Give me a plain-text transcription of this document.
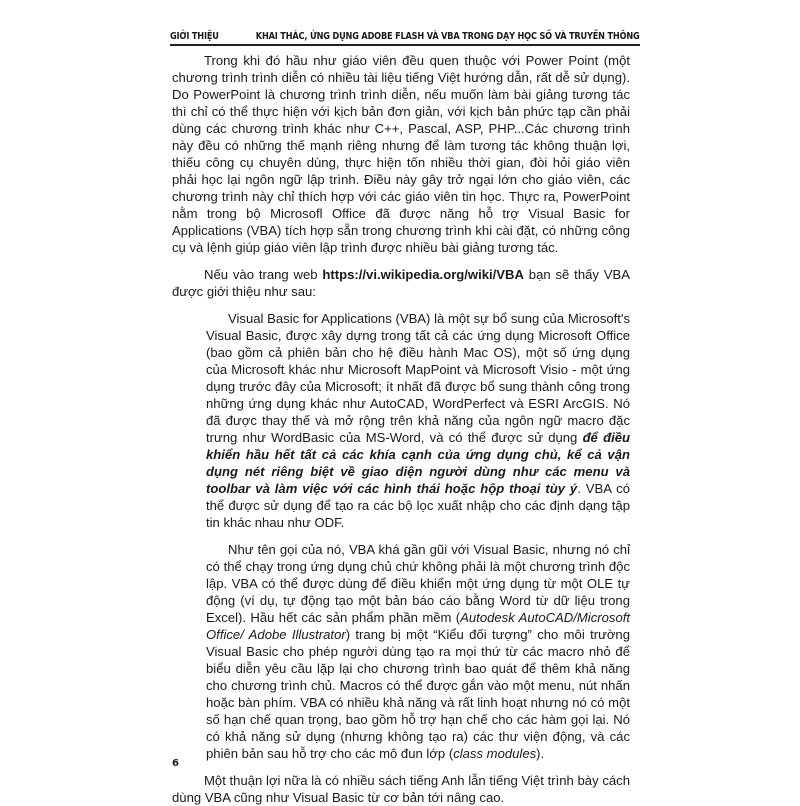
GIỚI THIỆU	KHAI THÁC, ỨNG DỤNG ADOBE FLASH VÀ VBA TRONG DẠY HỌC SỐ VÀ TRUYỀN THÔNG

Trong khi đó hầu như giáo viên đều quen thuộc với Power Point (một chương trình trình diễn có nhiều tài liệu tiếng Việt hướng dẫn, rất dễ sử dụng). Do PowerPoint là chương trình trình diễn, nếu muốn làm bài giảng tương tác thì chỉ có thể thực hiện với kịch bản đơn giản, với kịch bản phức tạp cần phải dùng các chương trình khác như C++, Pascal, ASP, PHP...Các chương trình này đều có những thế mạnh riêng nhưng để làm tương tác không thuận lợi, thiếu công cụ chuyên dùng, thực hiện tốn nhiều thời gian, đòi hỏi giáo viên phải học lại ngôn ngữ lập trình. Điều này gây trở ngại lớn cho giáo viên, các chương trình này chỉ thích hợp với các giáo viên tin học. Thực ra, PowerPoint nằm trong bộ Microsofl Office đã được năng hỗ trợ Visual Basic for Applications (VBA) tích hợp sẵn trong chương trình khi cài đặt, có những công cụ và lệnh giúp giáo viên lập trình được nhiều bài giảng tương tác.

Nếu vào trang web https://vi.wikipedia.org/wiki/VBA bạn sẽ thấy VBA được giới thiệu như sau:

Visual Basic for Applications (VBA) là một sự bổ sung của Microsoft's Visual Basic, được xây dựng trong tất cả các ứng dụng Microsoft Office (bao gồm cả phiên bản cho hệ điều hành Mac OS), một số ứng dụng của Microsoft khác như Microsoft MapPoint và Microsoft Visio - một ứng dụng trước đây của Microsoft; ít nhất đã được bổ sung thành công trong những ứng dụng khác như AutoCAD, WordPerfect và ESRI ArcGIS. Nó đã được thay thế và mở rộng trên khả năng của ngôn ngữ macro đặc trưng như WordBasic của MS-Word, và có thể được sử dụng để điều khiển hầu hết tất cả các khía cạnh của ứng dụng chủ, kể cả vận dụng nét riêng biệt về giao diện người dùng như các menu và toolbar và làm việc với các hình thái hoặc hộp thoại tùy ý. VBA có thể được sử dụng để tạo ra các bộ lọc xuất nhập cho các định dạng tập tin khác nhau như ODF.

Như tên gọi của nó, VBA khá gần gũi với Visual Basic, nhưng nó chỉ có thể chạy trong ứng dụng chủ chứ không phải là một chương trình độc lập. VBA có thể được dùng để điều khiển một ứng dụng từ một OLE tự động (ví dụ, tự động tạo một bản báo cáo bằng Word từ dữ liệu trong Excel). Hầu hết các sản phẩm phần mềm (Autodesk AutoCAD/Microsoft Office/ Adobe Illustrator) trang bị một “Kiểu đối tượng” cho môi trường Visual Basic cho phép người dùng tạo ra mọi thứ từ các macro nhỏ để biểu diễn yêu cầu lặp lại cho chương trình bao quát để thêm khả năng cho chương trình chủ. Macros có thể được gắn vào một menu, nút nhấn hoặc bàn phím. VBA có nhiều khả năng và rất linh hoạt nhưng nó có một số hạn chế quan trọng, bao gồm hỗ trợ hạn chế cho các hàm gọi lại. Nó có khả năng sử dụng (nhưng không tạo ra) các thư viện động, và các phiên bản sau hỗ trợ cho các mô đun lớp (class modules).

Một thuận lợi nữa là có nhiều sách tiếng Anh lẫn tiếng Việt trình bày cách dùng VBA cũng như Visual Basic từ cơ bản tới nâng cao.

6
